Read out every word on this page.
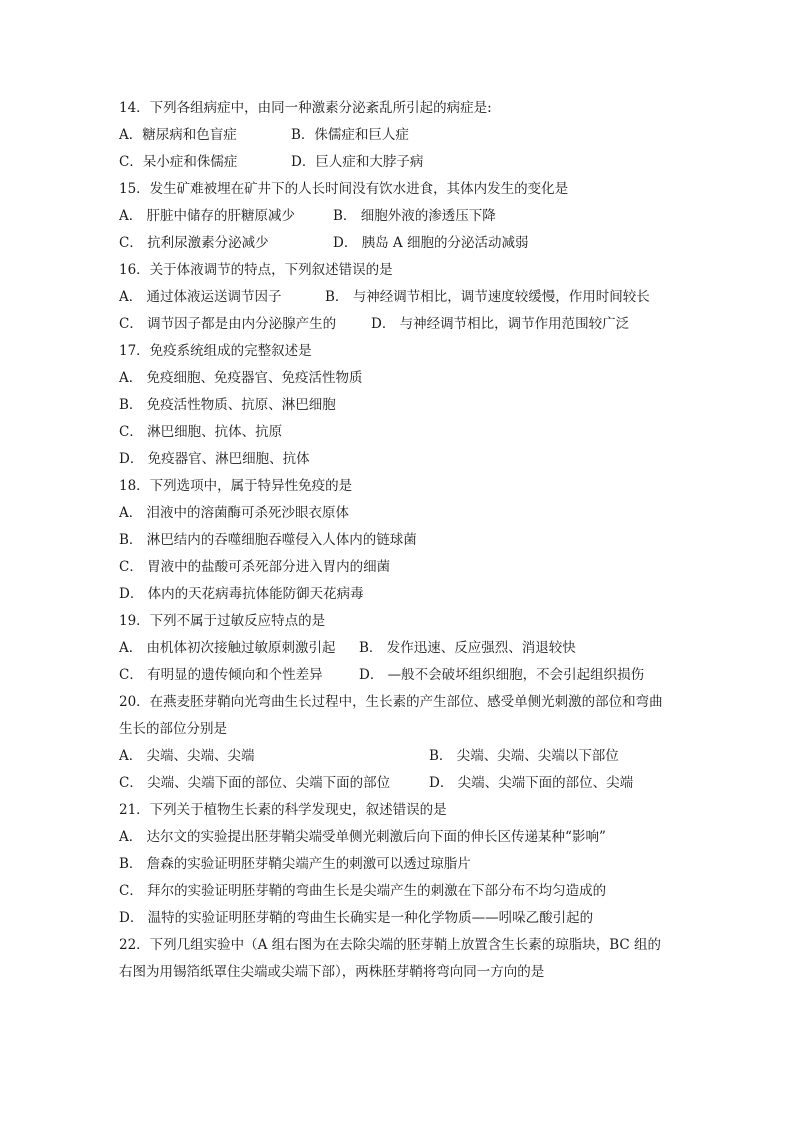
14．下列各组病症中，由同一种激素分泌紊乱所引起的病症是:
A．糖尿病和色盲症	B．侏儒症和巨人症
C．呆小症和侏儒症	D．巨人症和大脖子病
15．发生矿难被埋在矿井下的人长时间没有饮水进食，其体内发生的变化是
A． 肝脏中储存的肝糖原减少	B． 细胞外液的渗透压下降
C． 抗利尿激素分泌减少	D． 胰岛 A 细胞的分泌活动减弱
16．关于体液调节的特点，下列叙述错误的是
A． 通过体液运送调节因子	B． 与神经调节相比，调节速度较缓慢，作用时间较长
C． 调节因子都是由内分泌腺产生的	D． 与神经调节相比，调节作用范围较广泛
17．免疫系统组成的完整叙述是
A． 免疫细胞、免疫器官、免疫活性物质
B． 免疫活性物质、抗原、淋巴细胞
C． 淋巴细胞、抗体、抗原
D． 免疫器官、淋巴细胞、抗体
18．下列选项中，属于特异性免疫的是
A． 泪液中的溶菌酶可杀死沙眼衣原体
B． 淋巴结内的吞噬细胞吞噬侵入人体内的链球菌
C． 胃液中的盐酸可杀死部分进入胃内的细菌
D． 体内的天花病毒抗体能防御天花病毒
19．下列不属于过敏反应特点的是
A． 由机体初次接触过敏原刺激引起 B． 发作迅速、反应强烈、消退较快
C． 有明显的遗传倾向和个性差异	D． —般不会破坏组织细胞，不会引起组织损伤
20．在燕麦胚芽鞘向光弯曲生长过程中，生长素的产生部位、感受单侧光刺激的部位和弯曲
生长的部位分别是
A． 尖端、尖端、尖端	B． 尖端、尖端、尖端以下部位
C． 尖端、尖端下面的部位、尖端下面的部位	D． 尖端、尖端下面的部位、尖端
21．下列关于植物生长素的科学发现史，叙述错误的是
A． 达尔文的实验提出胚芽鞘尖端受单侧光刺激后向下面的伸长区传递某种“影响”
B． 詹森的实验证明胚芽鞘尖端产生的刺激可以透过琼脂片
C． 拜尔的实验证明胚芽鞘的弯曲生长是尖端产生的刺激在下部分布不均匀造成的
D． 温特的实验证明胚芽鞘的弯曲生长确实是一种化学物质——吲哚乙酸引起的
22．下列几组实验中（A 组右图为在去除尖端的胚芽鞘上放置含生长素的琼脂块，BC 组的
右图为用锡箔纸罩住尖端或尖端下部），两株胚芽鞘将弯向同一方向的是
